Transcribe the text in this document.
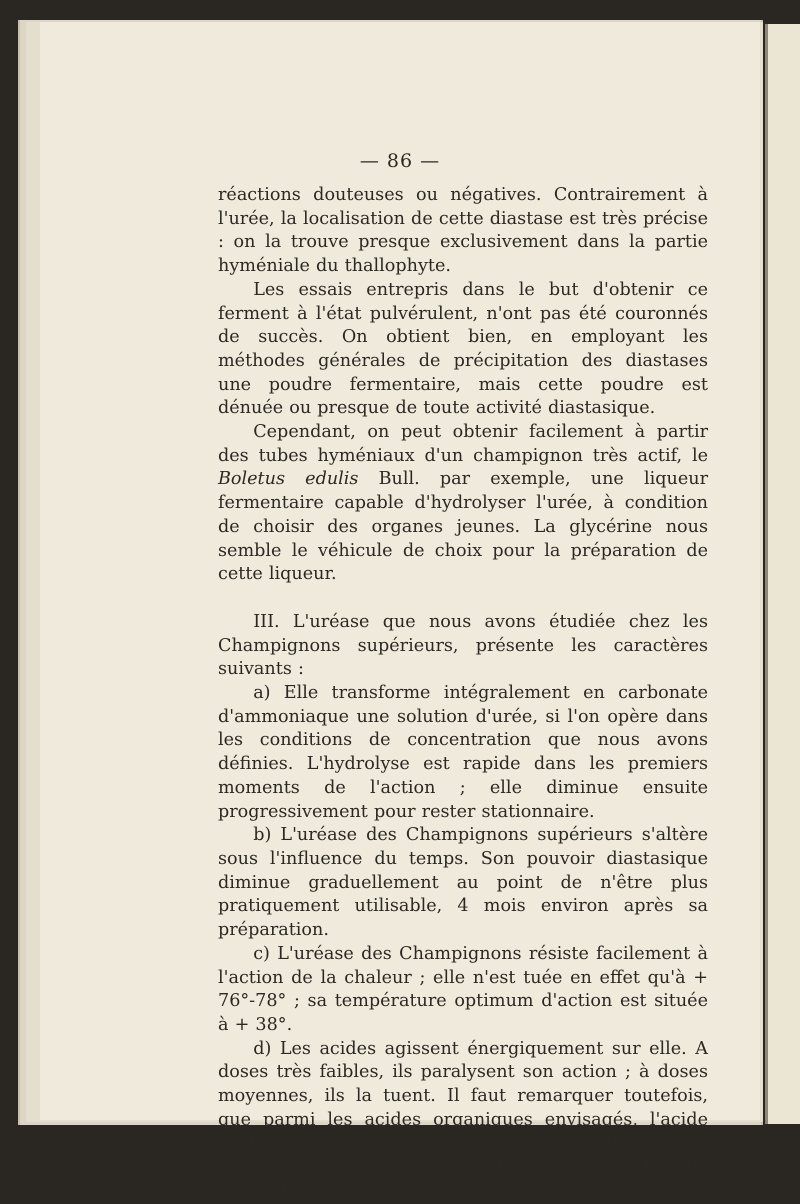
— 86 —

réactions douteuses ou négatives. Contrairement à l'urée, la localisation de cette diastase est très précise : on la trouve presque exclusivement dans la partie hyméniale du thallophyte.

Les essais entrepris dans le but d'obtenir ce ferment à l'état pulvérulent, n'ont pas été couronnés de succès. On obtient bien, en employant les méthodes générales de précipitation des diastases une poudre fermentaire, mais cette poudre est dénuée ou presque de toute activité diastasique.

Cependant, on peut obtenir facilement à partir des tubes hyméniaux d'un champignon très actif, le Boletus edulis Bull. par exemple, une liqueur fermentaire capable d'hydrolyser l'urée, à condition de choisir des organes jeunes. La glycérine nous semble le véhicule de choix pour la préparation de cette liqueur.

III. L'uréase que nous avons étudiée chez les Champignons supérieurs, présente les caractères suivants :

a) Elle transforme intégralement en carbonate d'ammoniaque une solution d'urée, si l'on opère dans les conditions de concentration que nous avons définies. L'hydrolyse est rapide dans les premiers moments de l'action ; elle diminue ensuite progressivement pour rester stationnaire.

b) L'uréase des Champignons supérieurs s'altère sous l'influence du temps. Son pouvoir diastasique diminue graduellement au point de n'être plus pratiquement utilisable, 4 mois environ après sa préparation.

c) L'uréase des Champignons résiste facilement à l'action de la chaleur ; elle n'est tuée en effet qu'à + 76°-78° ; sa température optimum d'action est située à + 38°.

d) Les acides agissent énergiquement sur elle. A doses très faibles, ils paralysent son action ; à doses moyennes, ils la tuent. Il faut remarquer toutefois, que parmi les acides organiques envisagés, l'acide acétique est, comparativement aux autres, de beaucoup le moins actif (sept fois moins actif que l'acide tartrique).
